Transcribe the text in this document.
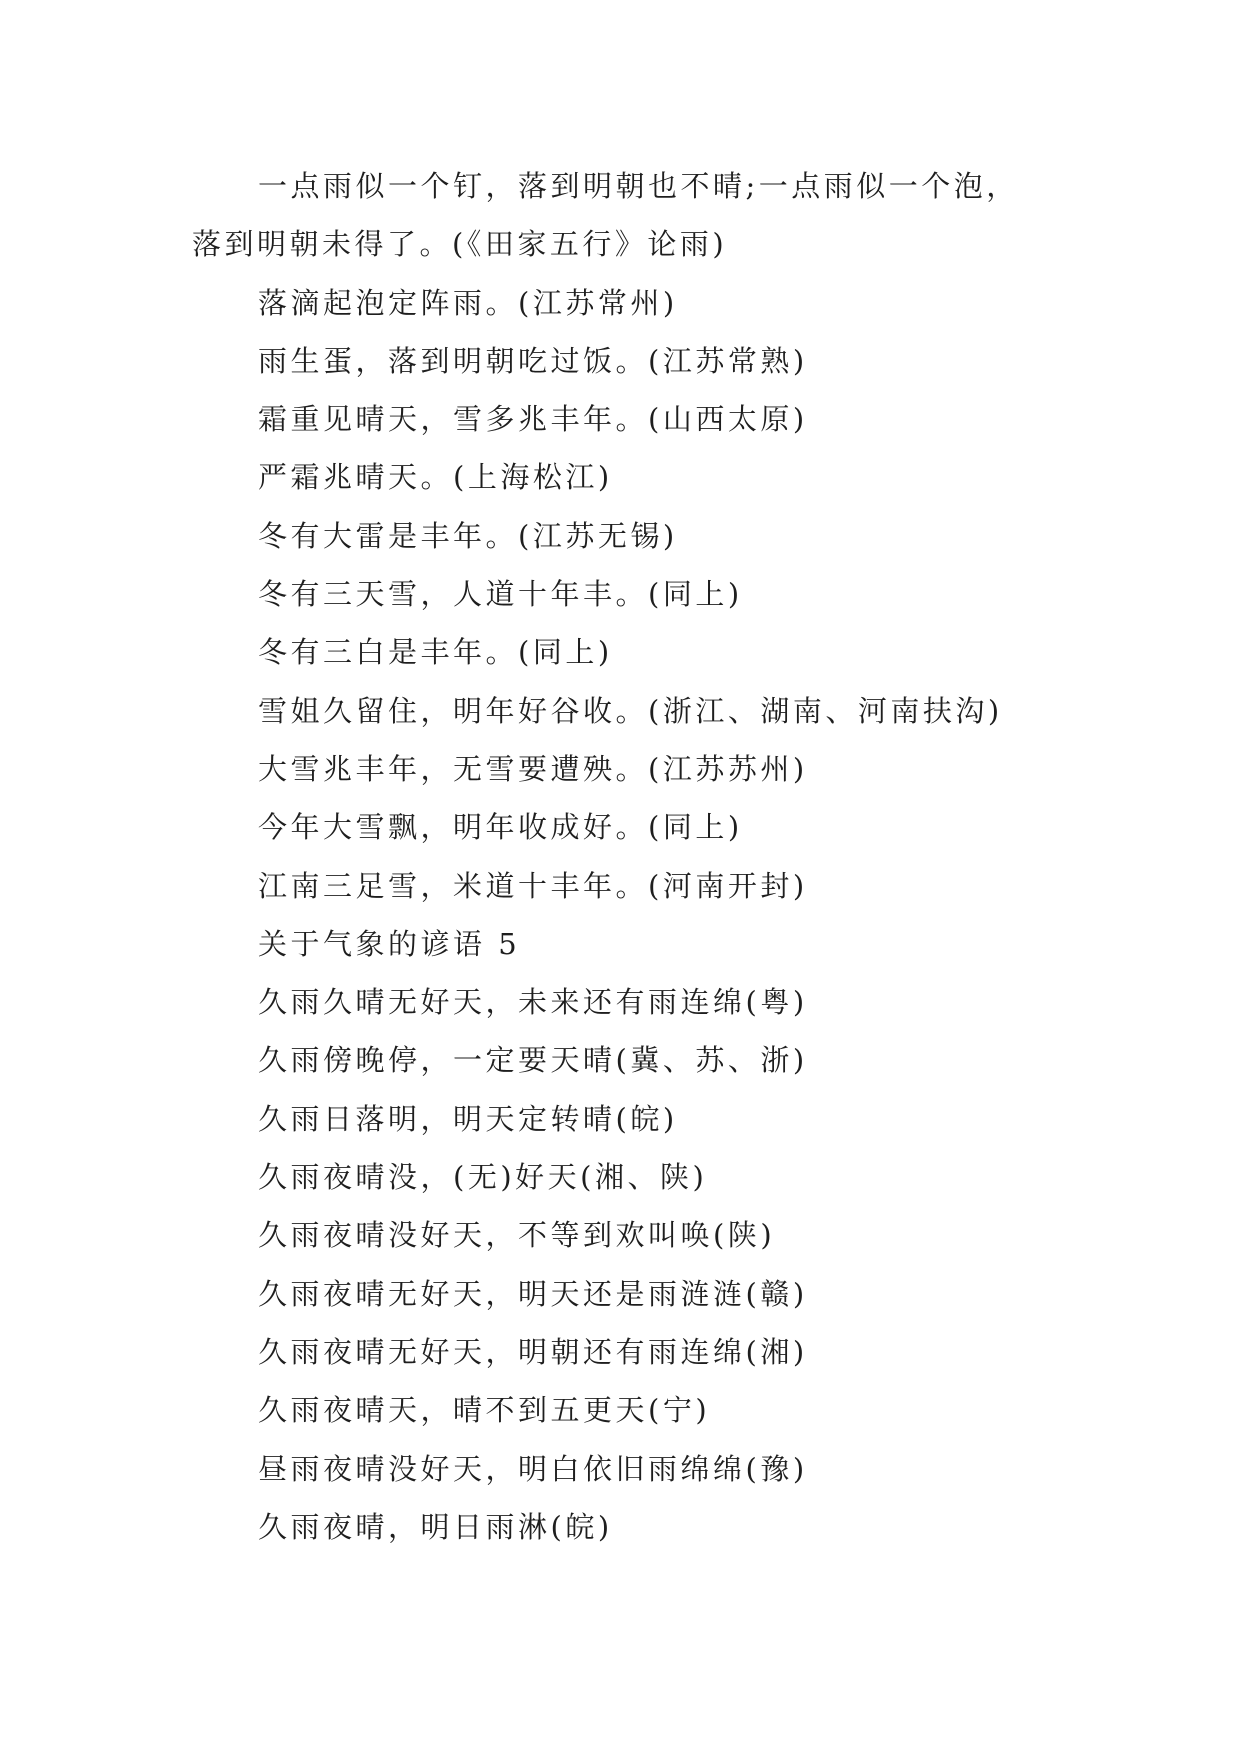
一点雨似一个钉，落到明朝也不晴;一点雨似一个泡，
落到明朝未得了。(《田家五行》论雨)
落滴起泡定阵雨。(江苏常州)
雨生蛋，落到明朝吃过饭。(江苏常熟)
霜重见晴天，雪多兆丰年。(山西太原)
严霜兆晴天。(上海松江)
冬有大雷是丰年。(江苏无锡)
冬有三天雪，人道十年丰。(同上)
冬有三白是丰年。(同上)
雪姐久留住，明年好谷收。(浙江、湖南、河南扶沟)
大雪兆丰年，无雪要遭殃。(江苏苏州)
今年大雪飘，明年收成好。(同上)
江南三足雪，米道十丰年。(河南开封)
关于气象的谚语 5
久雨久晴无好天，未来还有雨连绵(粤)
久雨傍晚停，一定要天晴(冀、苏、浙)
久雨日落明，明天定转晴(皖)
久雨夜晴没，(无)好天(湘、陕)
久雨夜晴没好天，不等到欢叫唤(陕)
久雨夜晴无好天，明天还是雨涟涟(赣)
久雨夜晴无好天，明朝还有雨连绵(湘)
久雨夜晴天，晴不到五更天(宁)
昼雨夜晴没好天，明白依旧雨绵绵(豫)
久雨夜晴，明日雨淋(皖)
